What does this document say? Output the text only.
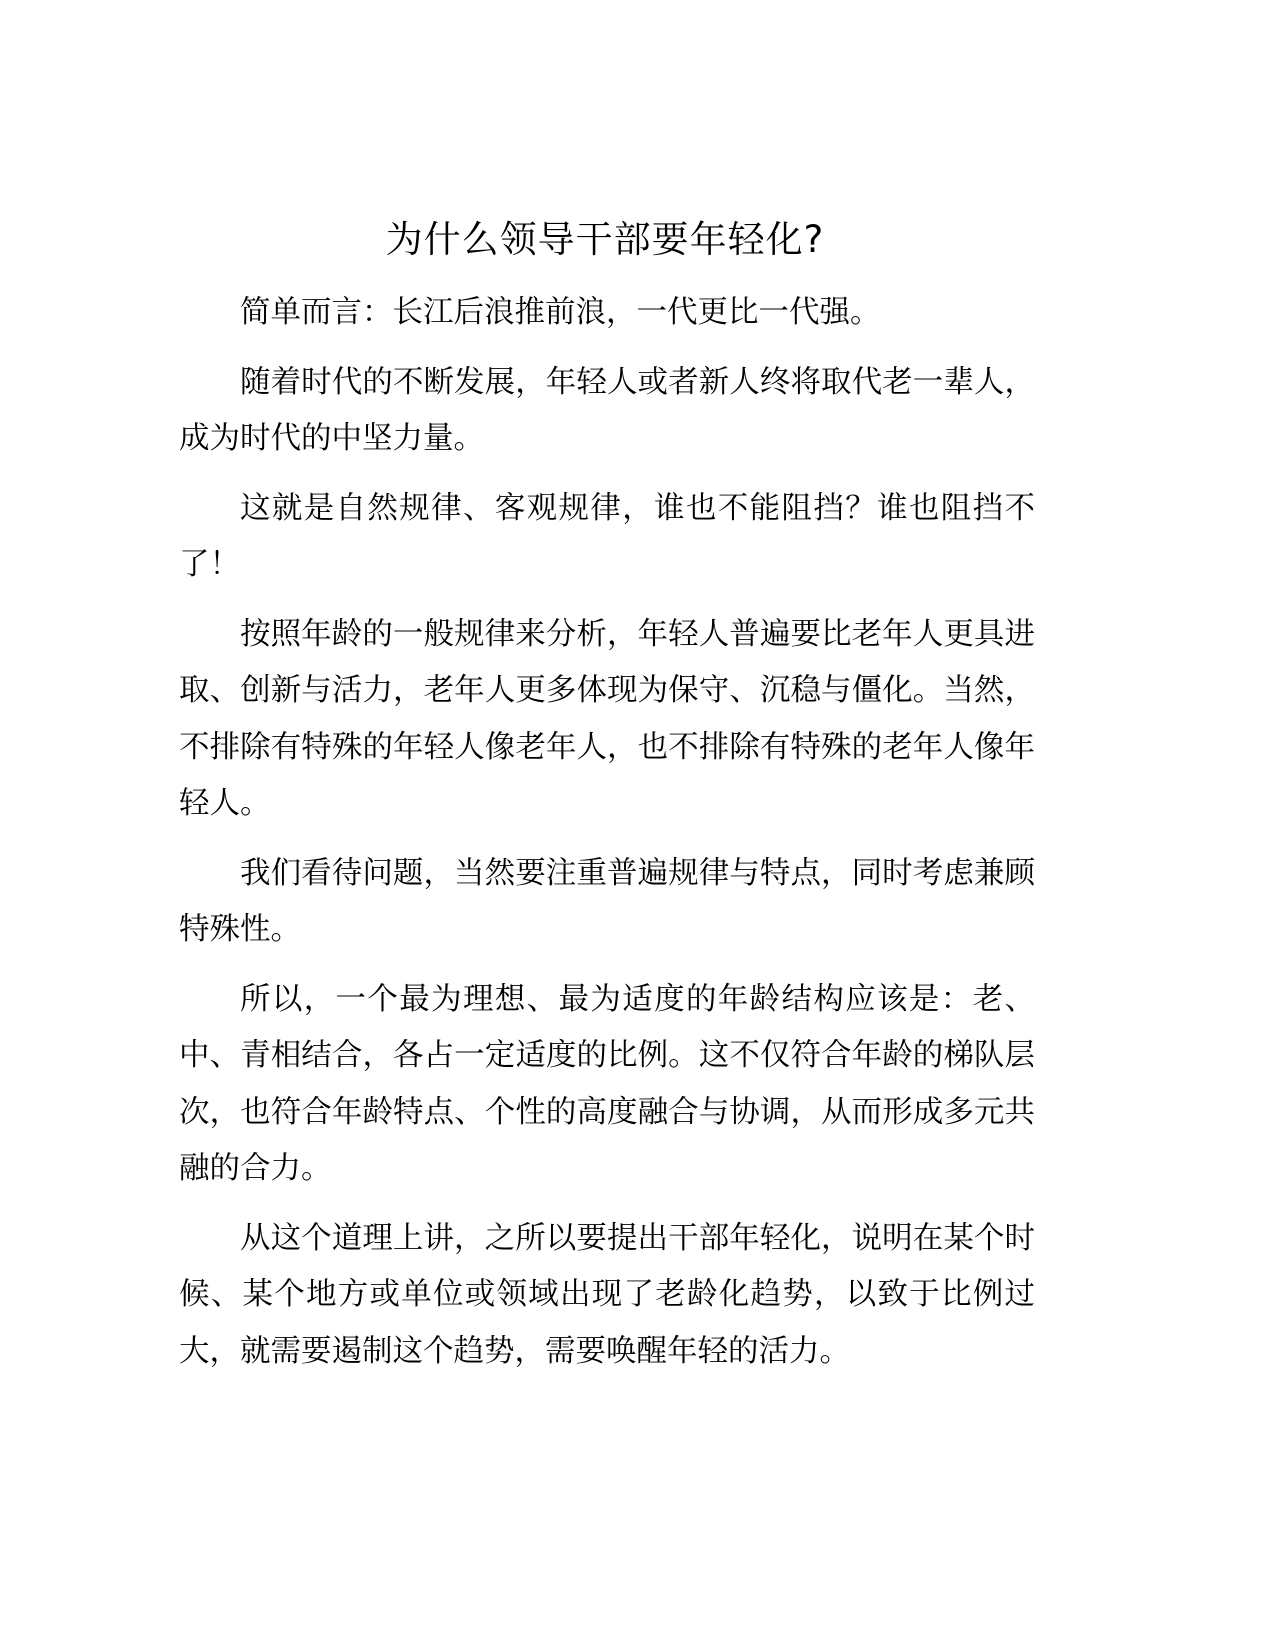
为什么领导干部要年轻化?

简单而言：长江后浪推前浪，一代更比一代强。

随着时代的不断发展，年轻人或者新人终将取代老一辈人，成为时代的中坚力量。

这就是自然规律、客观规律，谁也不能阻挡？谁也阻挡不了！

按照年龄的一般规律来分析，年轻人普遍要比老年人更具进取、创新与活力，老年人更多体现为保守、沉稳与僵化。当然，不排除有特殊的年轻人像老年人，也不排除有特殊的老年人像年轻人。

我们看待问题，当然要注重普遍规律与特点，同时考虑兼顾特殊性。

所以，一个最为理想、最为适度的年龄结构应该是：老、中、青相结合，各占一定适度的比例。这不仅符合年龄的梯队层次，也符合年龄特点、个性的高度融合与协调，从而形成多元共融的合力。

从这个道理上讲，之所以要提出干部年轻化，说明在某个时候、某个地方或单位或领域出现了老龄化趋势，以致于比例过大，就需要遏制这个趋势，需要唤醒年轻的活力。
